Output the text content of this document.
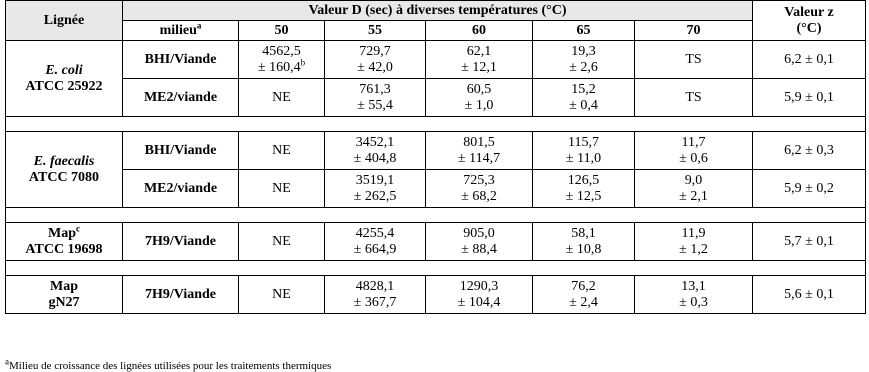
Lignée	Valeur D (sec) à diverses températures (°C)						Valeur z
(°C)
	milieu$^a$	50	55	60	65	70	
E. coli
ATCC 25922	BHI/Viande	4562,5
± 160,4$^b$	729,7
± 42,0	62,1
± 12,1	19,3
± 2,6	TS	6,2 ± 0,1
	ME2/viande	NE	761,3
± 55,4	60,5
± 1,0	15,2
± 0,4	TS	5,9 ± 0,1

E. faecalis
ATCC 7080	BHI/Viande	NE	3452,1
± 404,8	801,5
± 114,7	115,7
± 11,0	11,7
± 0,6	6,2 ± 0,3
	ME2/viande	NE	3519,1
± 262,5	725,3
± 68,2	126,5
± 12,5	9,0
± 2,1	5,9 ± 0,2

Map$^c$
ATCC 19698	7H9/Viande	NE	4255,4
± 664,9	905,0
± 88,4	58,1
± 10,8	11,9
± 1,2	5,7 ± 0,1

Map
gN27	7H9/Viande	NE	4828,1
± 367,7	1290,3
± 104,4	76,2
± 2,4	13,1
± 0,3	5,6 ± 0,1
$^a$Milieu de croissance des lignées utilisées pour les traitements thermiques
